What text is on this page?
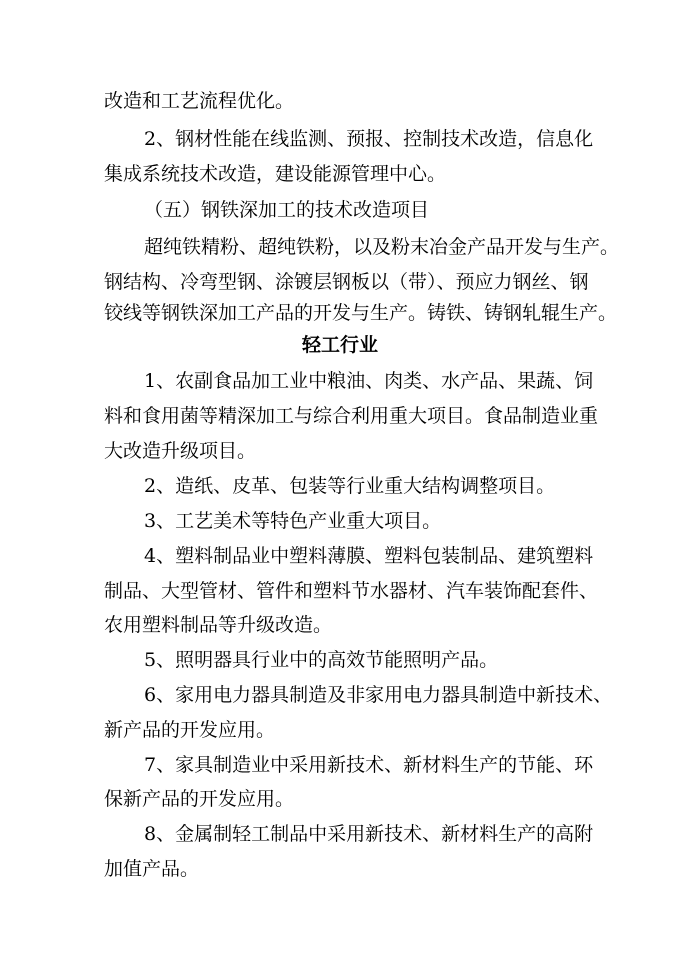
改造和工艺流程优化。
2、钢材性能在线监测、预报、控制技术改造，信息化
集成系统技术改造，建设能源管理中心。
（五）钢铁深加工的技术改造项目
超纯铁精粉、超纯铁粉，以及粉末冶金产品开发与生产。
钢结构、冷弯型钢、涂镀层钢板以（带）、预应力钢丝、钢
铰线等钢铁深加工产品的开发与生产。铸铁、铸钢轧辊生产。
轻工行业
1、农副食品加工业中粮油、肉类、水产品、果蔬、饲
料和食用菌等精深加工与综合利用重大项目。食品制造业重
大改造升级项目。
2、造纸、皮革、包装等行业重大结构调整项目。
3、工艺美术等特色产业重大项目。
4、塑料制品业中塑料薄膜、塑料包装制品、建筑塑料
制品、大型管材、管件和塑料节水器材、汽车装饰配套件、
农用塑料制品等升级改造。
5、照明器具行业中的高效节能照明产品。
6、家用电力器具制造及非家用电力器具制造中新技术、
新产品的开发应用。
7、家具制造业中采用新技术、新材料生产的节能、环
保新产品的开发应用。
8、金属制轻工制品中采用新技术、新材料生产的高附
加值产品。
